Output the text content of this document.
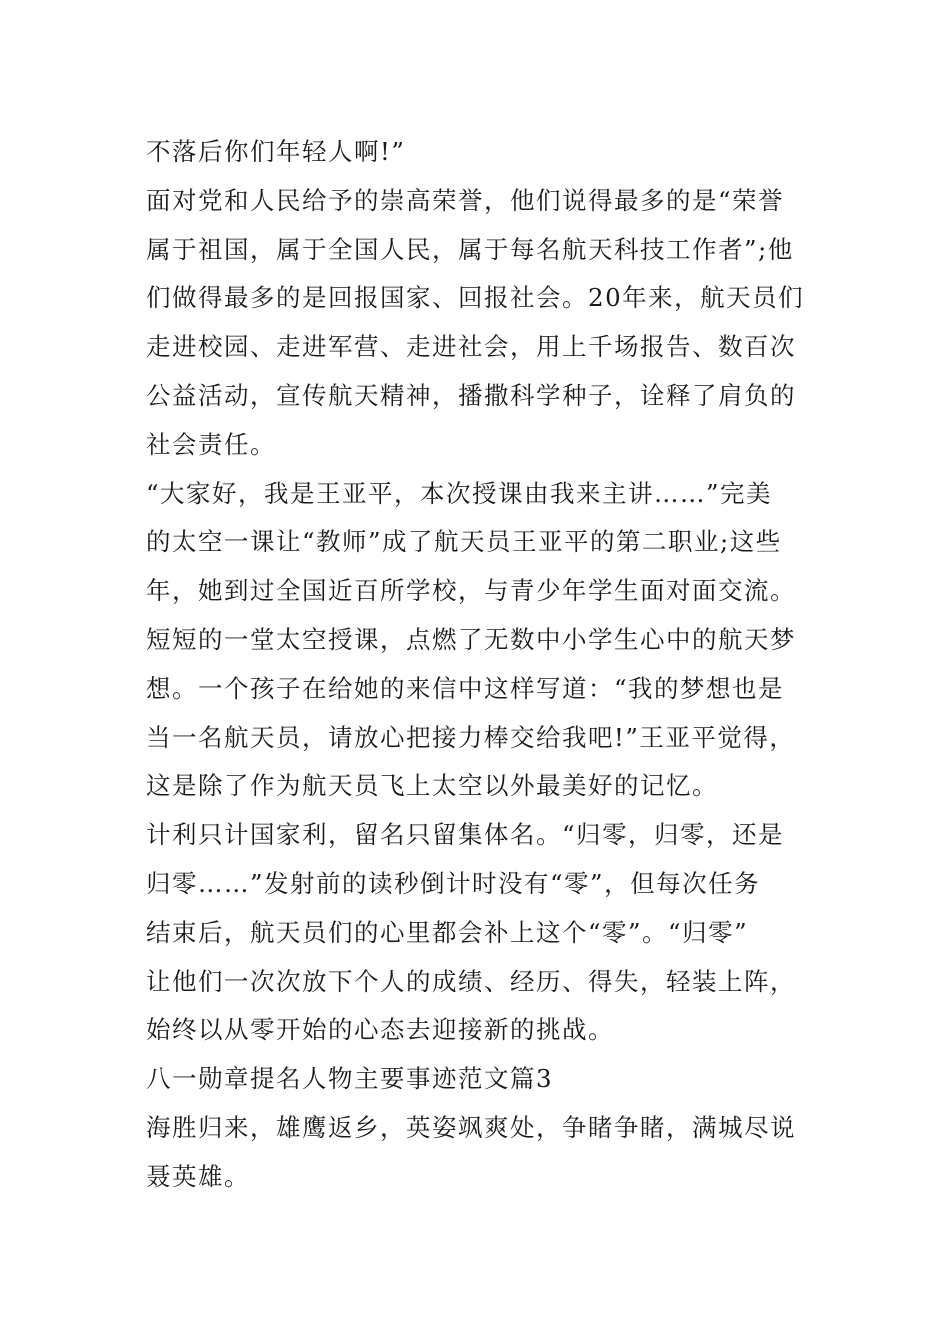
不落后你们年轻人啊!”
面对党和人民给予的崇高荣誉，他们说得最多的是“荣誉
属于祖国，属于全国人民，属于每名航天科技工作者”;他
们做得最多的是回报国家、回报社会。20年来，航天员们
走进校园、走进军营、走进社会，用上千场报告、数百次
公益活动，宣传航天精神，播撒科学种子，诠释了肩负的
社会责任。
“大家好，我是王亚平，本次授课由我来主讲……”完美
的太空一课让“教师”成了航天员王亚平的第二职业;这些
年，她到过全国近百所学校，与青少年学生面对面交流。
短短的一堂太空授课，点燃了无数中小学生心中的航天梦
想。一个孩子在给她的来信中这样写道：“我的梦想也是
当一名航天员，请放心把接力棒交给我吧!”王亚平觉得，
这是除了作为航天员飞上太空以外最美好的记忆。
计利只计国家利，留名只留集体名。“归零，归零，还是
归零……”发射前的读秒倒计时没有“零”，但每次任务
结束后，航天员们的心里都会补上这个“零”。“归零”
让他们一次次放下个人的成绩、经历、得失，轻装上阵，
始终以从零开始的心态去迎接新的挑战。
八一勋章提名人物主要事迹范文篇3
海胜归来，雄鹰返乡，英姿飒爽处，争睹争睹，满城尽说
聂英雄。
